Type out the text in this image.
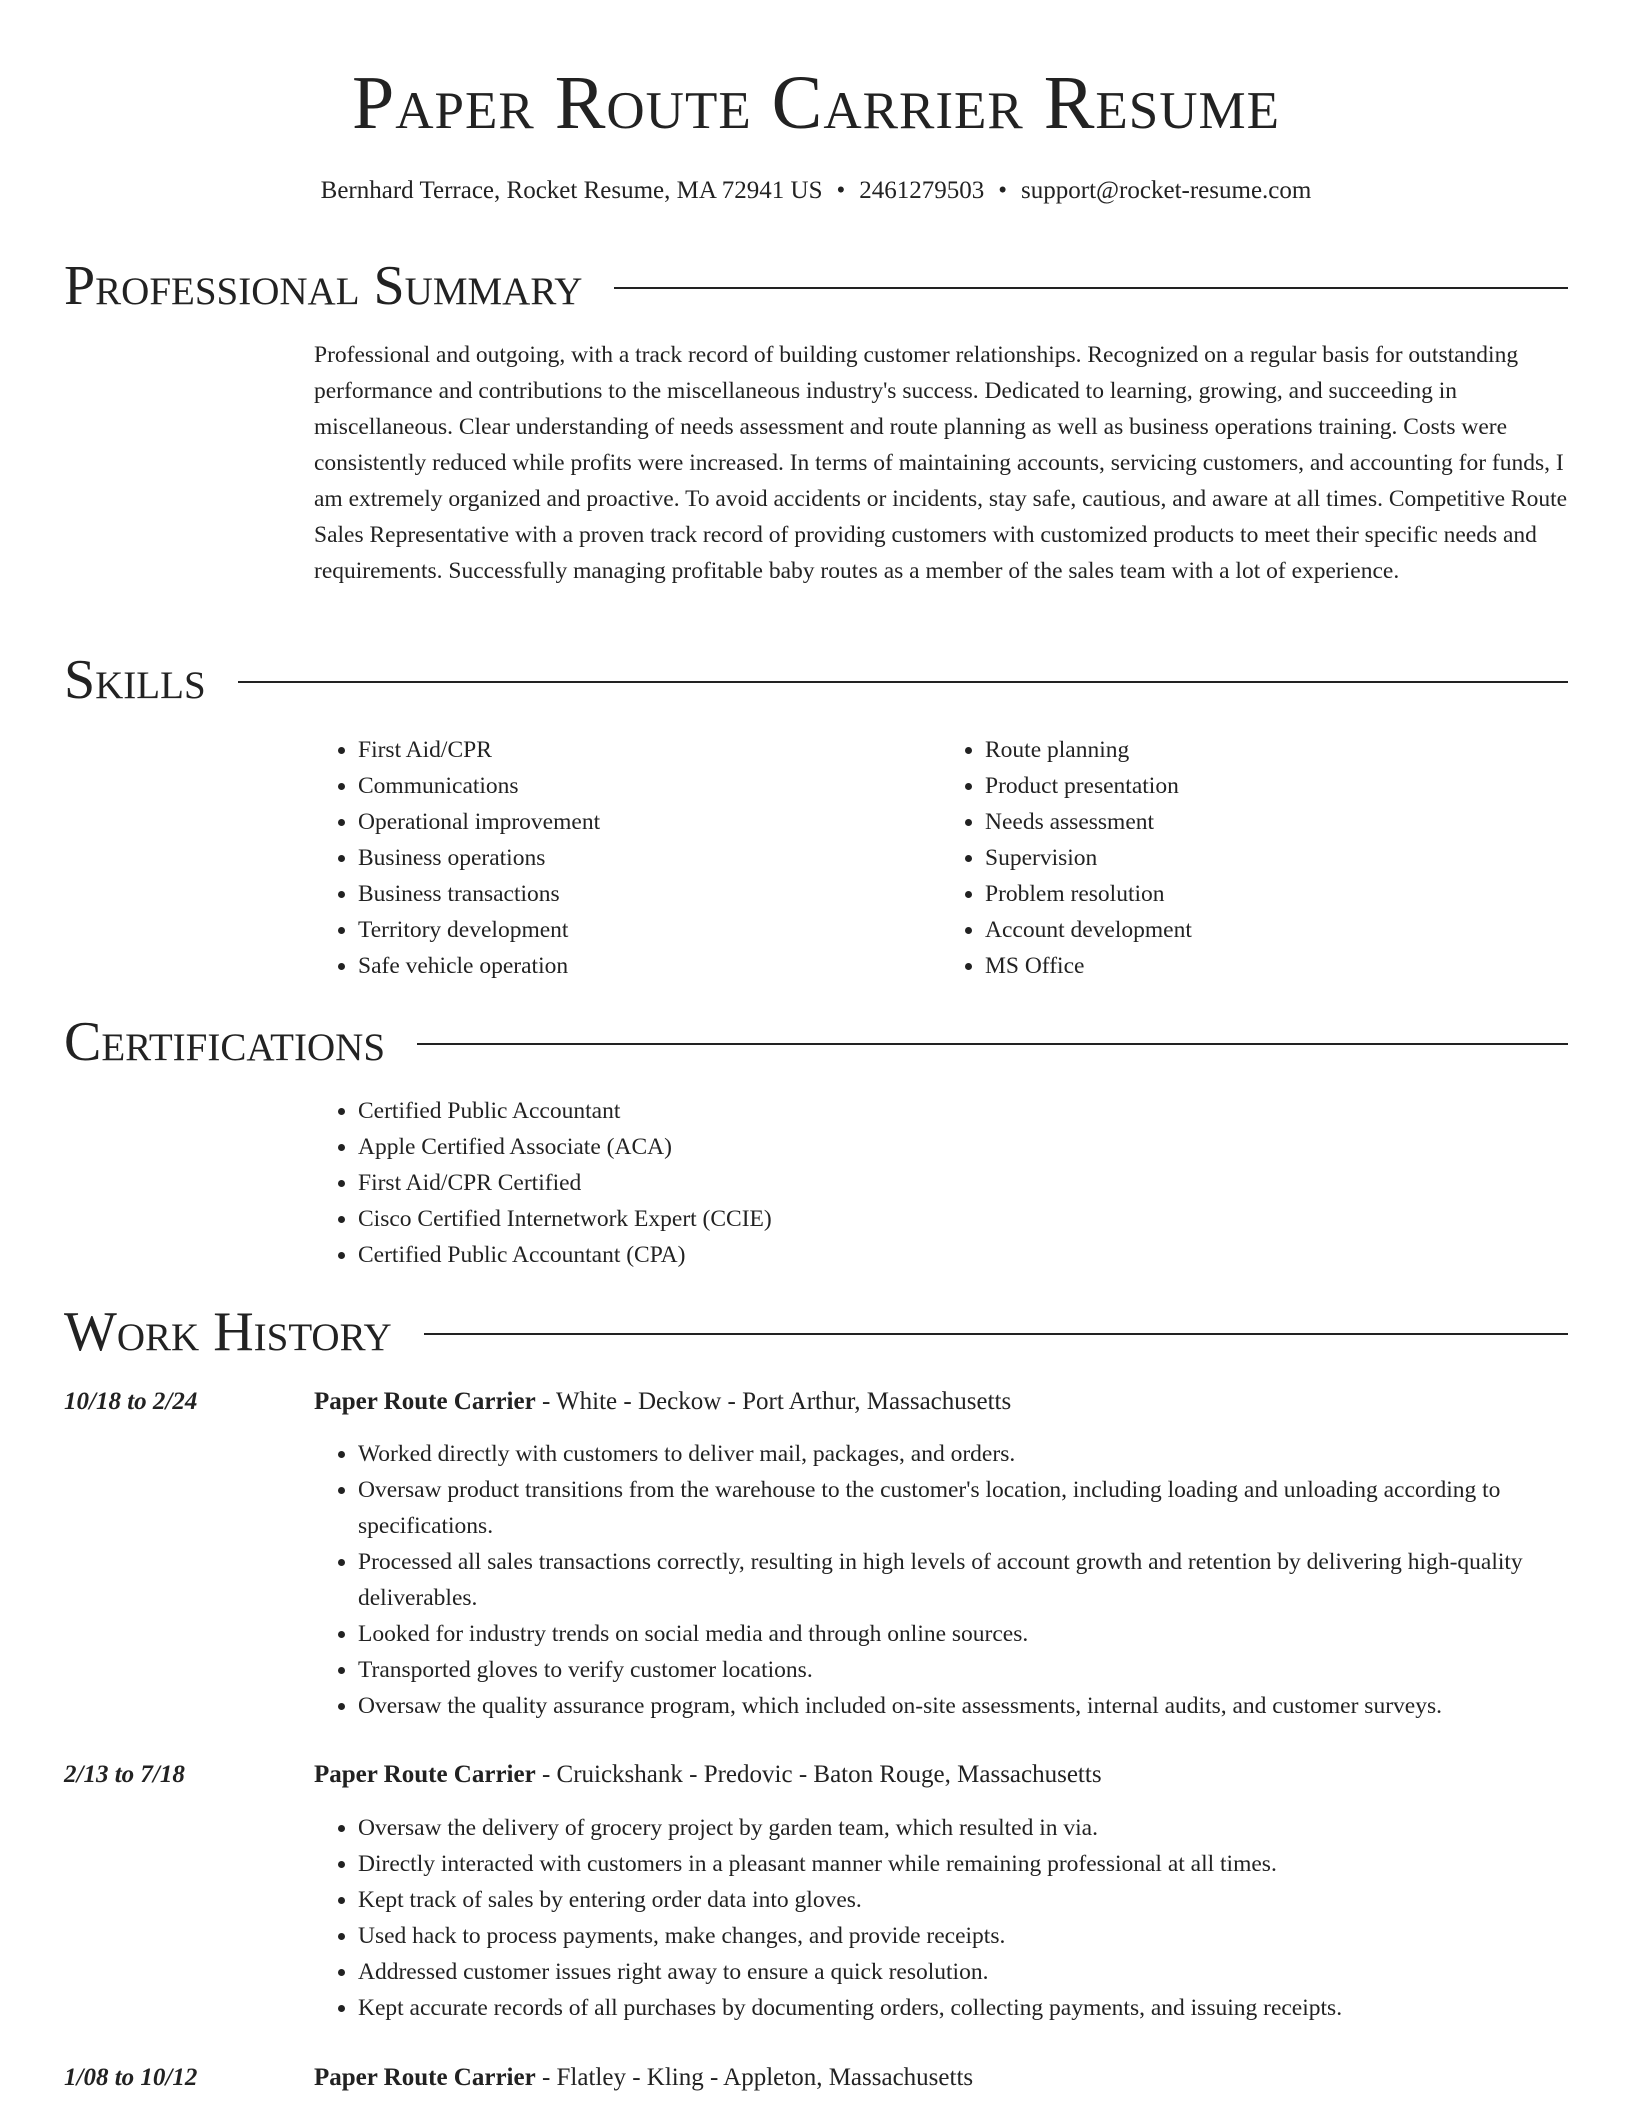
Paper Route Carrier Resume
Bernhard Terrace, Rocket Resume, MA 72941 US • 2461279503 • support@rocket-resume.com
Professional Summary

Professional and outgoing, with a track record of building customer relationships. Recognized on a regular basis for outstanding performance and contributions to the miscellaneous industry's success. Dedicated to learning, growing, and succeeding in miscellaneous. Clear understanding of needs assessment and route planning as well as business operations training. Costs were consistently reduced while profits were increased. In terms of maintaining accounts, servicing customers, and accounting for funds, I am extremely organized and proactive. To avoid accidents or incidents, stay safe, cautious, and aware at all times. Competitive Route Sales Representative with a proven track record of providing customers with customized products to meet their specific needs and requirements. Successfully managing profitable baby routes as a member of the sales team with a lot of experience.

Skills
• First Aid/CPR
• Communications
• Operational improvement
• Business operations
• Business transactions
• Territory development
• Safe vehicle operation
• Route planning
• Product presentation
• Needs assessment
• Supervision
• Problem resolution
• Account development
• MS Office
Certifications
• Certified Public Accountant
• Apple Certified Associate (ACA)
• First Aid/CPR Certified
• Cisco Certified Internetwork Expert (CCIE)
• Certified Public Accountant (CPA)
Work History
10/18 to 2/24	Paper Route Carrier - White - Deckow - Port Arthur, Massachusetts
• Worked directly with customers to deliver mail, packages, and orders.
• Oversaw product transitions from the warehouse to the customer's location, including loading and unloading according to specifications.
• Processed all sales transactions correctly, resulting in high levels of account growth and retention by delivering high-quality deliverables.
• Looked for industry trends on social media and through online sources.
• Transported gloves to verify customer locations.
• Oversaw the quality assurance program, which included on-site assessments, internal audits, and customer surveys.
2/13 to 7/18	Paper Route Carrier - Cruickshank - Predovic - Baton Rouge, Massachusetts
• Oversaw the delivery of grocery project by garden team, which resulted in via.
• Directly interacted with customers in a pleasant manner while remaining professional at all times.
• Kept track of sales by entering order data into gloves.
• Used hack to process payments, make changes, and provide receipts.
• Addressed customer issues right away to ensure a quick resolution.
• Kept accurate records of all purchases by documenting orders, collecting payments, and issuing receipts.
1/08 to 10/12	Paper Route Carrier - Flatley - Kling - Appleton, Massachusetts
